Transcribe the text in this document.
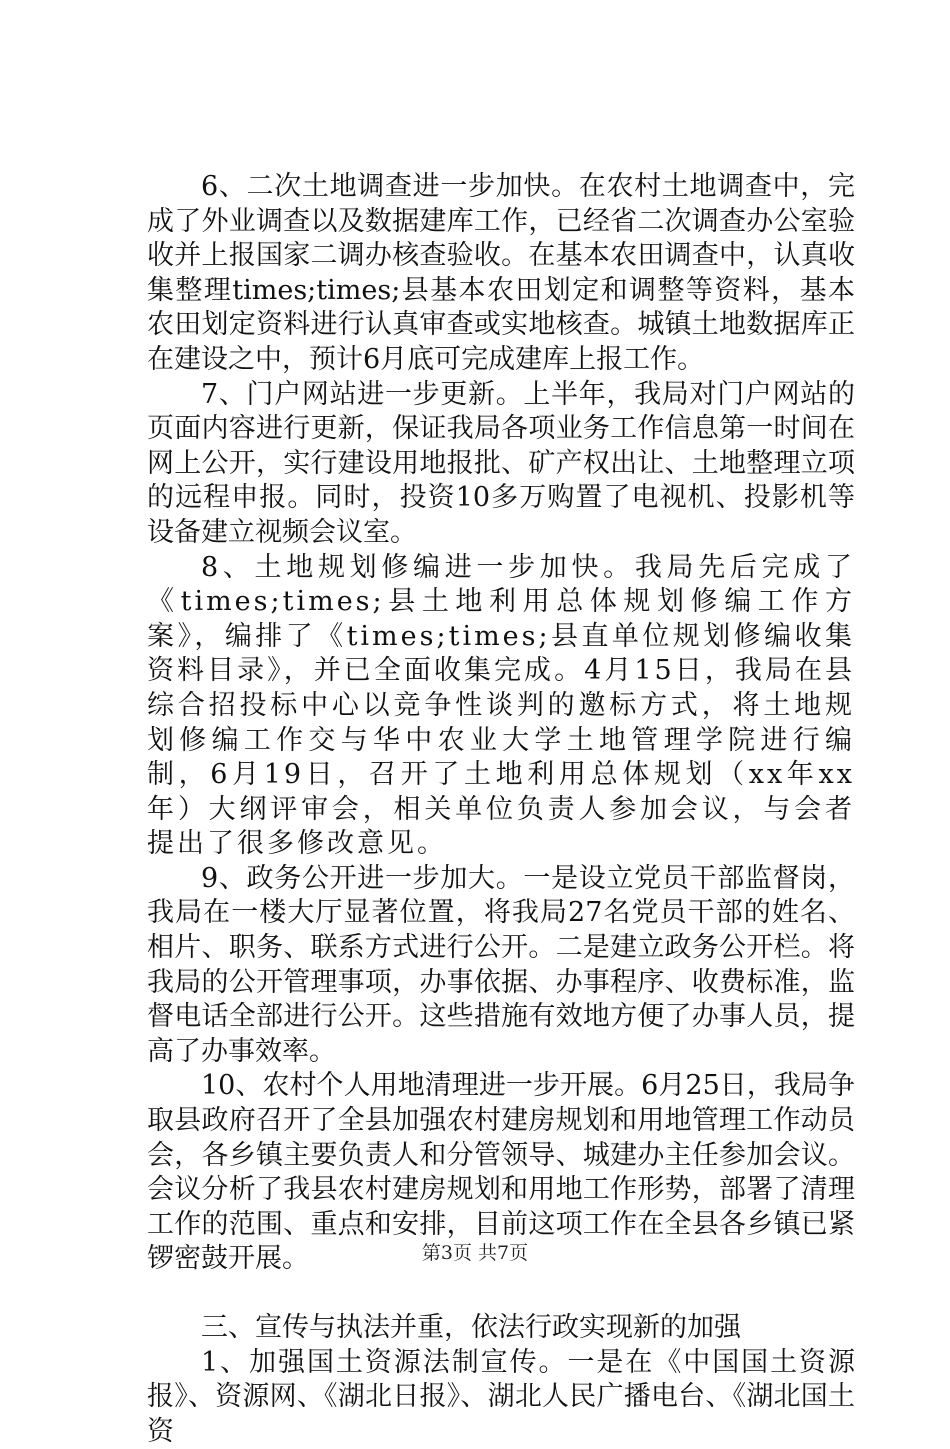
6、二次土地调查进一步加快。在农村土地调查中，完成了外业调查以及数据建库工作，已经省二次调查办公室验收并上报国家二调办核查验收。在基本农田调查中，认真收集整理times;times;县基本农田划定和调整等资料，基本农田划定资料进行认真审查或实地核查。城镇土地数据库正在建设之中，预计6月底可完成建库上报工作。

7、门户网站进一步更新。上半年，我局对门户网站的页面内容进行更新，保证我局各项业务工作信息第一时间在网上公开，实行建设用地报批、矿产权出让、土地整理立项的远程申报。同时，投资10多万购置了电视机、投影机等设备建立视频会议室。

8、土地规划修编进一步加快。我局先后完成了《times;times;县土地利用总体规划修编工作方案》，编排了《times;times;县直单位规划修编收集资料目录》，并已全面收集完成。4月15日，我局在县综合招投标中心以竞争性谈判的邀标方式，将土地规划修编工作交与华中农业大学土地管理学院进行编制，6月19日，召开了土地利用总体规划（xx年xx年）大纲评审会，相关单位负责人参加会议，与会者提出了很多修改意见。

9、政务公开进一步加大。一是设立党员干部监督岗，我局在一楼大厅显著位置，将我局27名党员干部的姓名、相片、职务、联系方式进行公开。二是建立政务公开栏。将我局的公开管理事项，办事依据、办事程序、收费标准，监督电话全部进行公开。这些措施有效地方便了办事人员，提高了办事效率。

10、农村个人用地清理进一步开展。6月25日，我局争取县政府召开了全县加强农村建房规划和用地管理工作动员会，各乡镇主要负责人和分管领导、城建办主任参加会议。会议分析了我县农村建房规划和用地工作形势，部署了清理工作的范围、重点和安排，目前这项工作在全县各乡镇已紧锣密鼓开展。

三、宣传与执法并重，依法行政实现新的加强

1、加强国土资源法制宣传。一是在《中国国土资源报》、资源网、《湖北日报》、湖北人民广播电台、《湖北国土资

第3页 共7页
